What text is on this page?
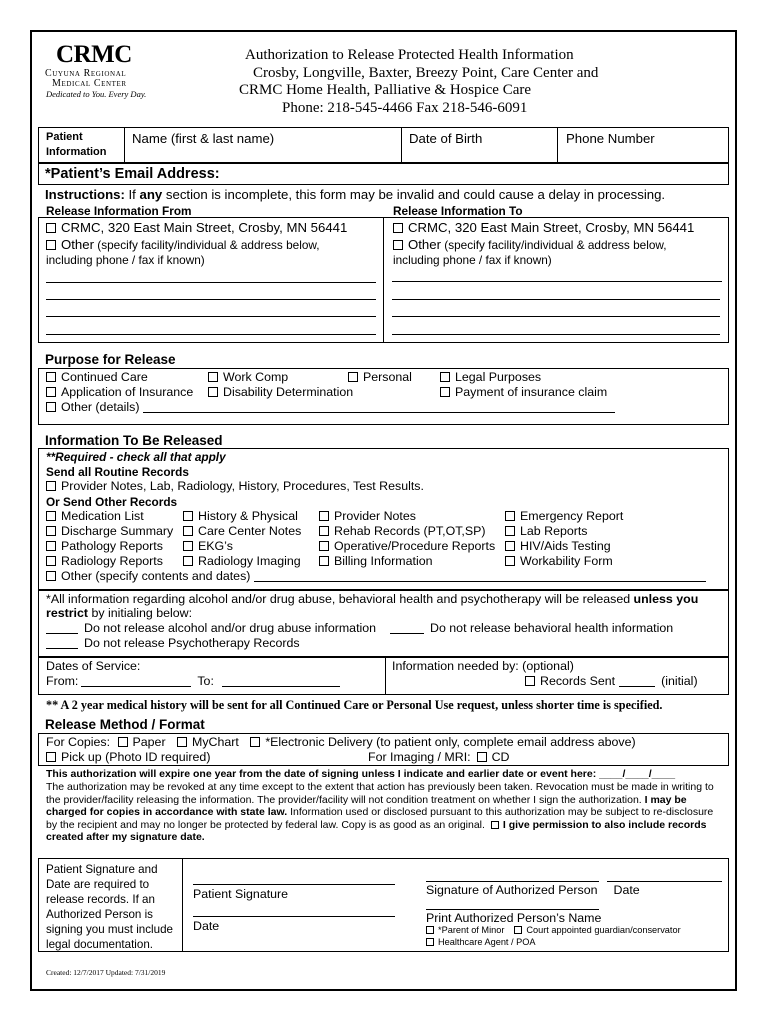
CRMC
Cuyuna Regional
Medical Center
Dedicated to You. Every Day.
Authorization to Release Protected Health Information
Crosby, Longville, Baxter, Breezy Point, Care Center and
CRMC Home Health, Palliative & Hospice Care
Phone: 218-545-4466 Fax 218-546-6091
Patient
Information
Name (first & last name)	Date of Birth	Phone Number
*Patient’s Email Address:
Instructions: If any section is incomplete, this form may be invalid and could cause a delay in processing.
Release Information From	Release Information To
CRMC, 320 East Main Street, Crosby, MN 56441
Other (specify facility/individual & address below,
including phone / fax if known)
CRMC, 320 East Main Street, Crosby, MN 56441
Other (specify facility/individual & address below,
including phone / fax if known)
Purpose for Release
Continued Care	Work Comp	Personal	Legal Purposes
Application of Insurance	Disability Determination	Payment of insurance claim
Other (details)
Information To Be Released
**Required - check all that apply
Send all Routine Records
Provider Notes, Lab, Radiology, History, Procedures, Test Results.
Or Send Other Records
Medication List	History & Physical	Provider Notes	Emergency Report
Discharge Summary	Care Center Notes	Rehab Records (PT,OT,SP)	Lab Reports
Pathology Reports	EKG’s	Operative/Procedure Reports	HIV/Aids Testing
Radiology Reports	Radiology Imaging	Billing Information	Workability Form
Other (specify contents and dates)
*All information regarding alcohol and/or drug abuse, behavioral health and psychotherapy will be released unless you
restrict by initialing below:
Do not release alcohol and/or drug abuse information	Do not release behavioral health information
Do not release Psychotherapy Records
Dates of Service:
From:	To:
Information needed by: (optional)
Records Sent	(initial)
** A 2 year medical history will be sent for all Continued Care or Personal Use request, unless shorter time is specified.
Release Method / Format
For Copies: Paper MyChart *Electronic Delivery (to patient only, complete email address above)
Pick up (Photo ID required)	For Imaging / MRI: CD
This authorization will expire one year from the date of signing unless I indicate and earlier date or event here: ____/____/____
The authorization may be revoked at any time except to the extent that action has previously been taken. Revocation must be made in writing to the provider/facility releasing the information. The provider/facility will not condition treatment on whether I sign the authorization. I may be charged for copies in accordance with state law. Information used or disclosed pursuant to this authorization may be subject to re-disclosure by the recipient and may no longer be protected by federal law. Copy is as good as an original. I give permission to also include records created after my signature date.
Patient Signature and Date are required to release records. If an Authorized Person is signing you must include legal documentation.
Patient Signature
Date
Signature of Authorized Person Date
Print Authorized Person’s Name
*Parent of Minor Court appointed guardian/conservator
Healthcare Agent / POA
Created: 12/7/2017 Updated: 7/31/2019
